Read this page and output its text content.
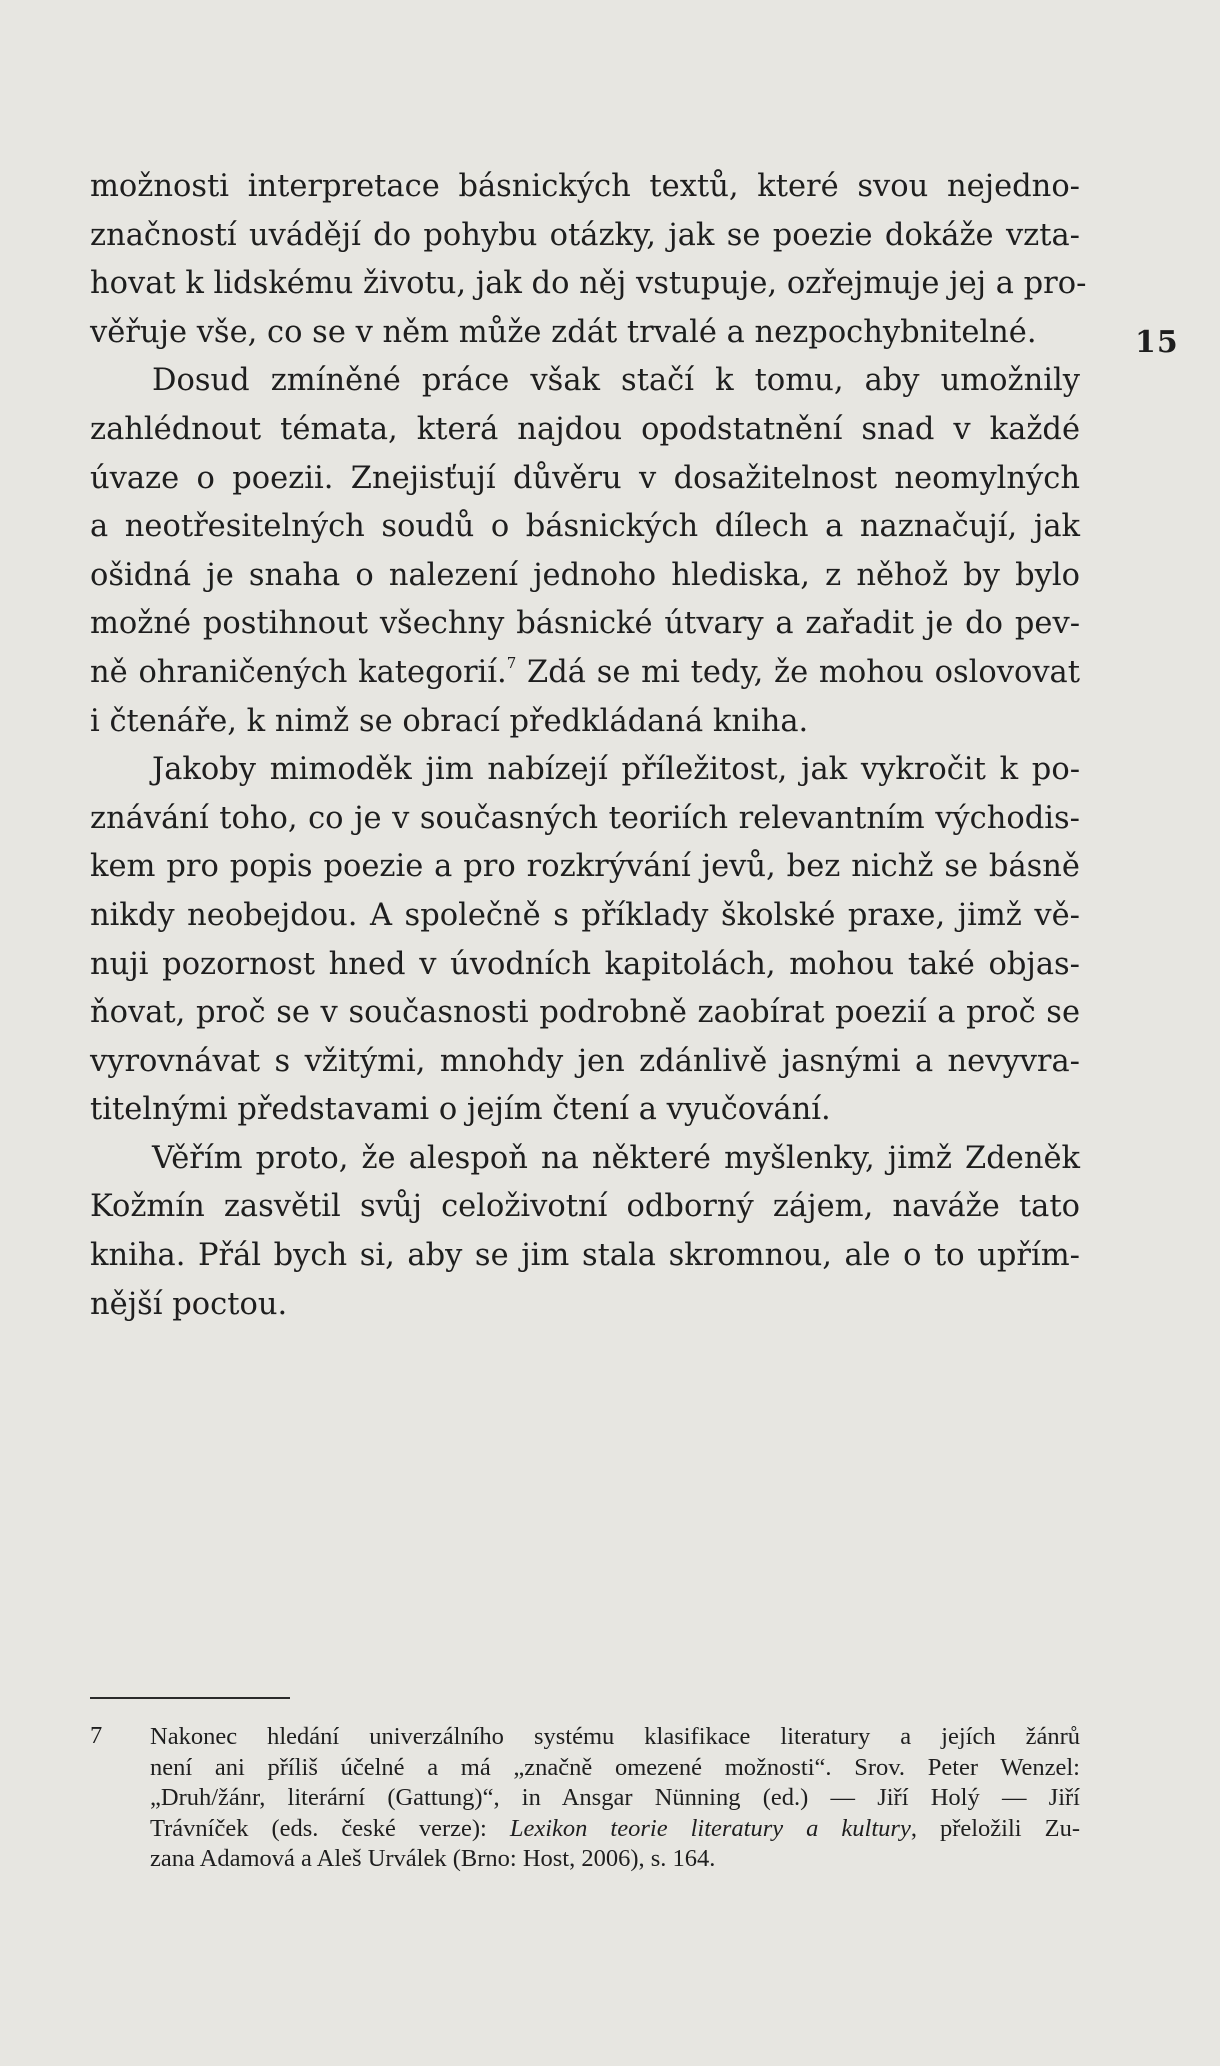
15
možnosti interpretace básnických textů, které svou nejedno-
značností uvádějí do pohybu otázky, jak se poezie dokáže vzta-
hovat k lidskému životu, jak do něj vstupuje, ozřejmuje jej a pro-
věřuje vše, co se v něm může zdát trvalé a nezpochybnitelné.
Dosud zmíněné práce však stačí k tomu, aby umožnily
zahlédnout témata, která najdou opodstatnění snad v každé
úvaze o poezii. Znejisťují důvěru v dosažitelnost neomylných
a neotřesitelných soudů o básnických dílech a naznačují, jak
ošidná je snaha o nalezení jednoho hlediska, z něhož by bylo
možné postihnout všechny básnické útvary a zařadit je do pev-
ně ohraničených kategorií.$^7$ Zdá se mi tedy, že mohou oslovovat
i čtenáře, k nimž se obrací předkládaná kniha.
Jakoby mimoděk jim nabízejí příležitost, jak vykročit k po-
znávání toho, co je v současných teoriích relevantním východis-
kem pro popis poezie a pro rozkrývání jevů, bez nichž se básně
nikdy neobejdou. A společně s příklady školské praxe, jimž vě-
nuji pozornost hned v úvodních kapitolách, mohou také objas-
ňovat, proč se v současnosti podrobně zaobírat poezií a proč se
vyrovnávat s vžitými, mnohdy jen zdánlivě jasnými a nevyvra-
titelnými představami o jejím čtení a vyučování.
Věřím proto, že alespoň na některé myšlenky, jimž Zdeněk
Kožmín zasvětil svůj celoživotní odborný zájem, naváže tato
kniha. Přál bych si, aby se jim stala skromnou, ale o to upřím-
nější poctou.
7 Nakonec hledání univerzálního systému klasifikace literatury a jejích žánrů
není ani příliš účelné a má „značně omezené možnosti“. Srov. Peter Wenzel:
„Druh/žánr, literární (Gattung)“, in Ansgar Nünning (ed.) — Jiří Holý — Jiří
Trávníček (eds. české verze): Lexikon teorie literatury a kultury, přeložili Zu-
zana Adamová a Aleš Urválek (Brno: Host, 2006), s. 164.
